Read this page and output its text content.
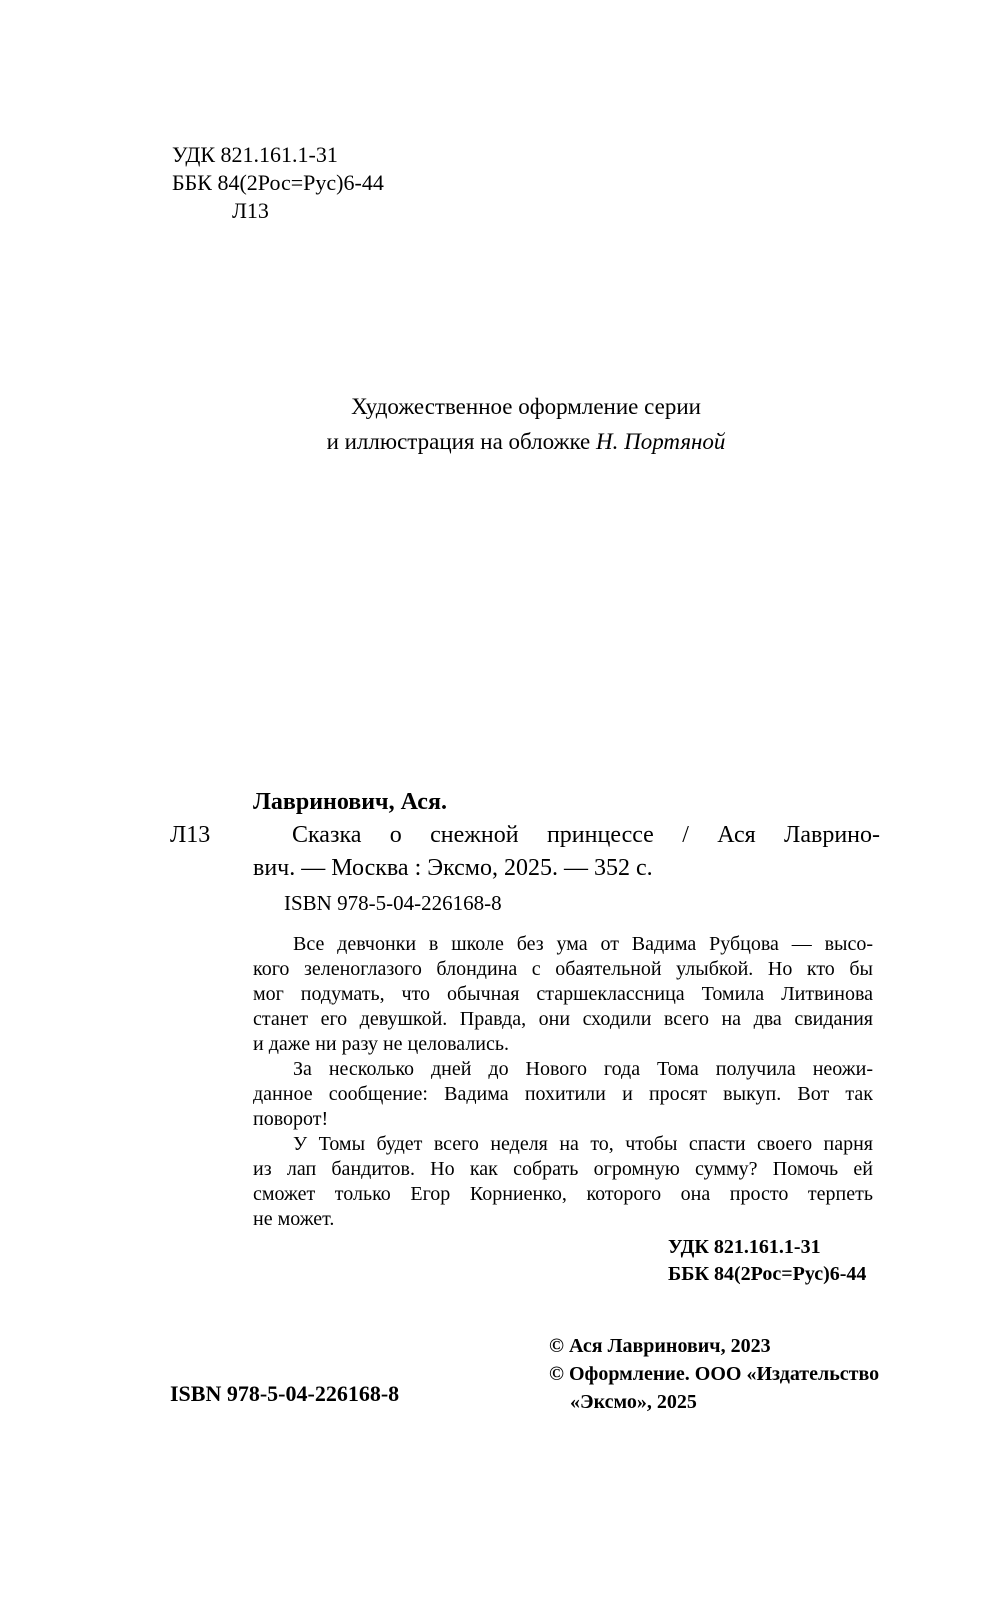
УДК 821.161.1-31
ББК 84(2Рос=Рус)6-44
Л13
Художественное оформление серии
и иллюстрация на обложке Н. Портяной
Лавринович, Ася.
Л13	Сказка о снежной принцессе / Ася Лаврино-
вич. — Москва : Эксмо, 2025. — 352 с.
ISBN 978-5-04-226168-8
Все девчонки в школе без ума от Вадима Рубцова — высо-
кого зеленоглазого блондина с обаятельной улыбкой. Но кто бы
мог подумать, что обычная старшеклассница Томила Литвинова
станет его девушкой. Правда, они сходили всего на два свидания
и даже ни разу не целовались.
За несколько дней до Нового года Тома получила неожи-
данное сообщение: Вадима похитили и просят выкуп. Вот так
поворот!
У Томы будет всего неделя на то, чтобы спасти своего парня
из лап бандитов. Но как собрать огромную сумму? Помочь ей
сможет только Егор Корниенко, которого она просто терпеть
не может.
УДК 821.161.1-31
ББК 84(2Рос=Рус)6-44
ISBN 978-5-04-226168-8
© Ася Лавринович, 2023
© Оформление. ООО «Издательство
«Эксмо», 2025
